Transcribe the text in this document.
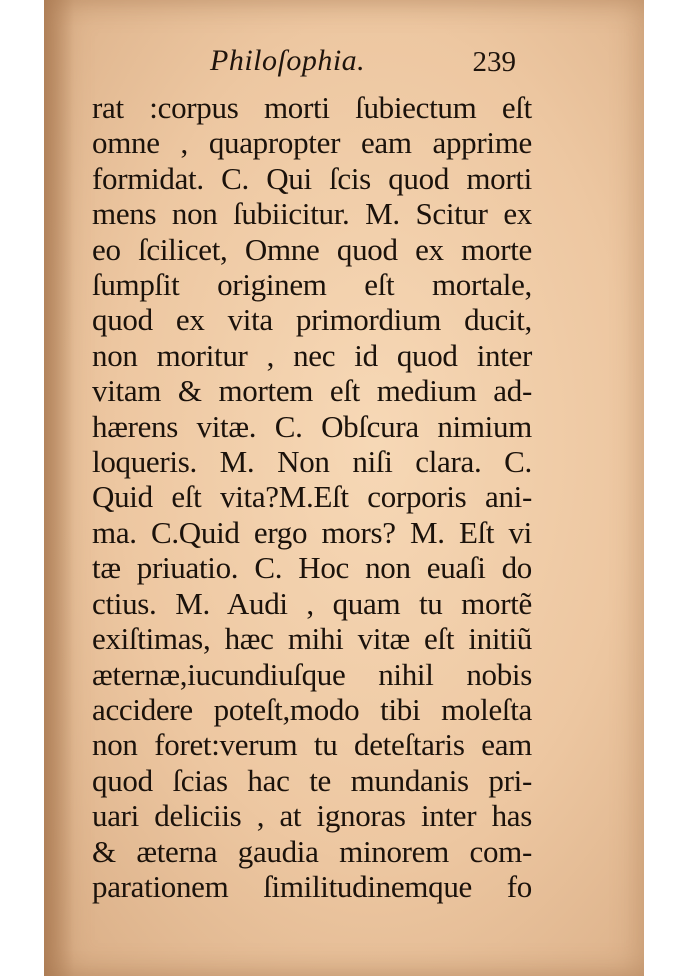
Philoſophia.	239
rat :corpus morti ſubiectum eſt
omne , quapropter eam apprime
formidat. C. Qui ſcis quod morti
mens non ſubiicitur. M. Scitur ex
eo ſcilicet, Omne quod ex morte
ſumpſit originem eſt mortale,
quod ex vita primordium ducit,
non moritur , nec id quod inter
vitam & mortem eſt medium ad-
hærens vitæ. C. Obſcura nimium
loqueris. M. Non niſi clara. C.
Quid eſt vita?M.Eſt corporis ani-
ma. C.Quid ergo mors? M. Eſt vi
tæ priuatio. C. Hoc non euaſi do
ctius. M. Audi , quam tu mortẽ
exiſtimas, hæc mihi vitæ eſt initiũ
æternæ,iucundiuſque nihil nobis
accidere poteſt,modo tibi moleſta
non foret:verum tu deteſtaris eam
quod ſcias hac te mundanis pri-
uari deliciis , at ignoras inter has
& æterna gaudia minorem com-
parationem ſimilitudinemque fo
